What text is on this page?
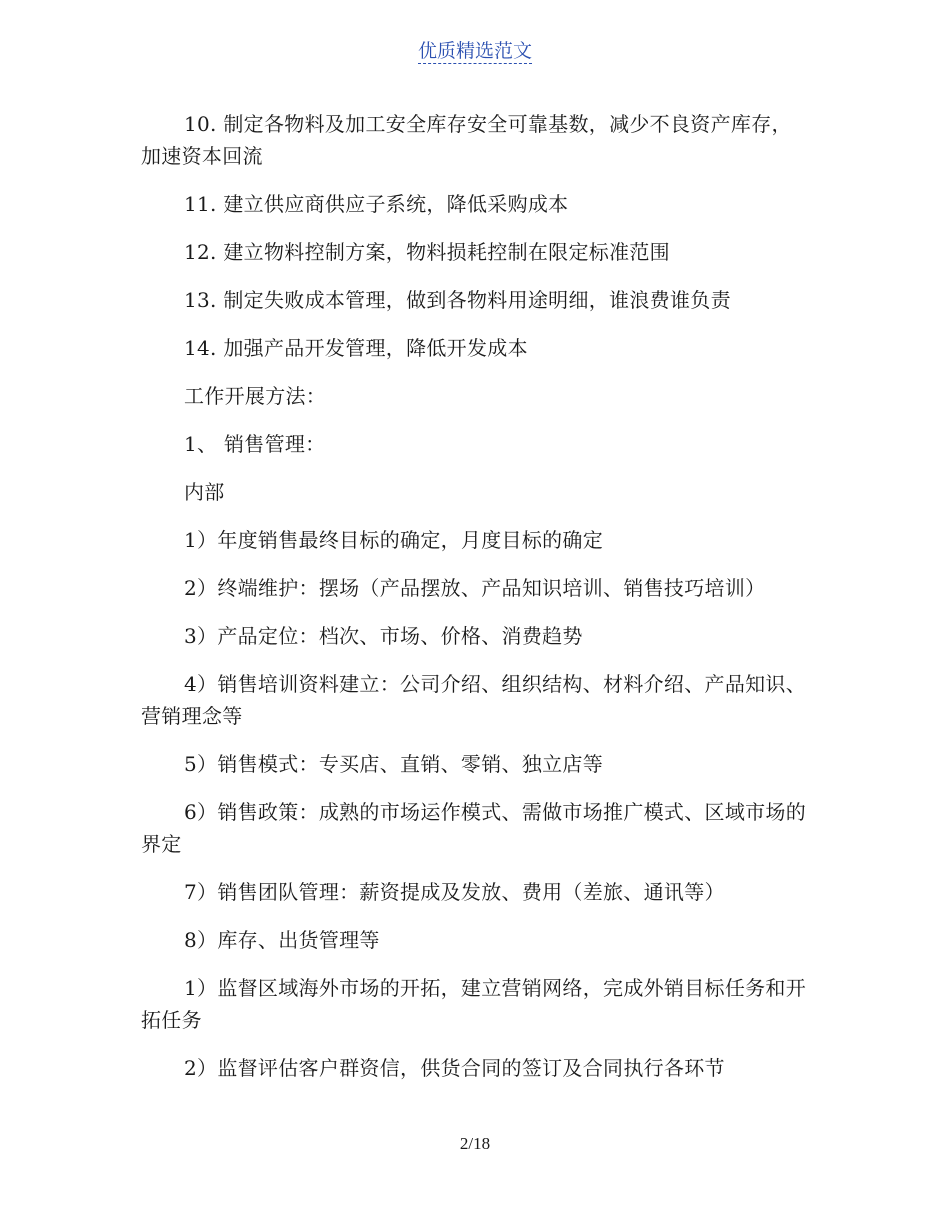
优质精选范文

10. 制定各物料及加工安全库存安全可靠基数，减少不良资产库存，加速资本回流

11. 建立供应商供应子系统，降低采购成本

12. 建立物料控制方案，物料损耗控制在限定标准范围

13. 制定失败成本管理，做到各物料用途明细，谁浪费谁负责

14. 加强产品开发管理，降低开发成本

工作开展方法：

1、 销售管理：

内部

1）年度销售最终目标的确定，月度目标的确定

2）终端维护：摆场（产品摆放、产品知识培训、销售技巧培训）

3）产品定位：档次、市场、价格、消费趋势

4）销售培训资料建立：公司介绍、组织结构、材料介绍、产品知识、营销理念等

5）销售模式：专买店、直销、零销、独立店等

6）销售政策：成熟的市场运作模式、需做市场推广模式、区域市场的界定

7）销售团队管理：薪资提成及发放、费用（差旅、通讯等）

8）库存、出货管理等

1）监督区域海外市场的开拓，建立营销网络，完成外销目标任务和开拓任务

2）监督评估客户群资信，供货合同的签订及合同执行各环节

2/18
